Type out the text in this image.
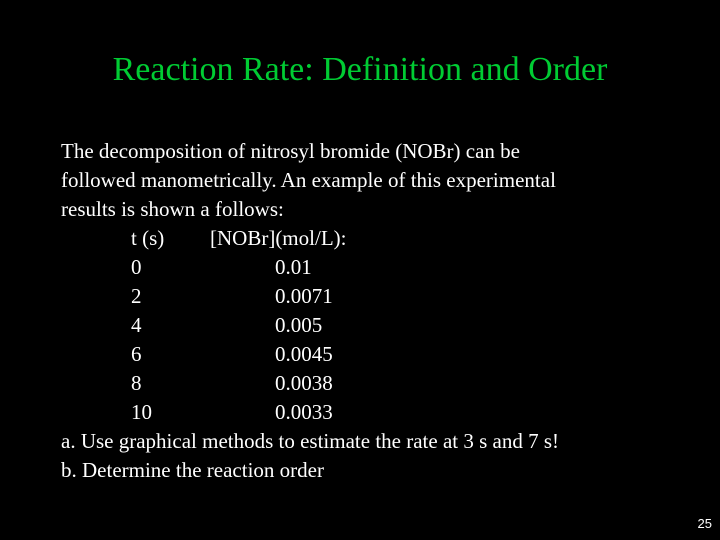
Reaction Rate: Definition and Order
The decomposition of nitrosyl bromide (NOBr) can be
followed manometrically. An example of this experimental
results is shown a follows:
t (s) [NOBr](mol/L):
0	0.01
2	0.0071
4	0.005
6	0.0045
8	0.0038
10	0.0033
a. Use graphical methods to estimate the rate at 3 s and 7 s!
b. Determine the reaction order
25
